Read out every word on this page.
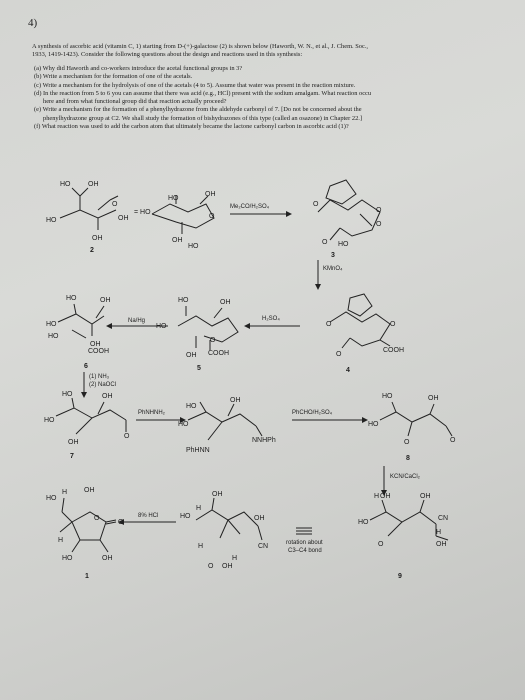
4)
A synthesis of ascorbic acid (vitamin C, 1) starting from D-(+)-galactose (2) is shown below (Haworth, W. N., et al., J. Chem. Soc.,
1933, 1419-1423). Consider the following questions about the design and reactions used in this synthesis:
(a) Why did Haworth and co-workers introduce the acetal functional groups in 3?
(b) Write a mechanism for the formation of one of the acetals.
(c) Write a mechanism for the hydrolysis of one of the acetals (4 to 5). Assume that water was present in the reaction mixture.
(d) In the reaction from 5 to 6 you can assume that there was acid (e.g., HCl) present with the sodium amalgam. What reaction occu
here and from what functional group did that reaction actually proceed?
(e) Write a mechanism for the formation of a phenylhydrazone from the aldehyde carbonyl of 7. [Do not be concerned about the
phenylhydrazone group at C2. We shall study the formation of bishydrazones of this type (called an osazone) in Chapter 22.]
(f) What reaction was used to add the carbon atom that ultimately became the lactone carbonyl carbon in ascorbic acid (1)?
HO	OH
O
HO	OH
OH
2
= HO
HO
OH
O
OH
HO
Me₂CO/H₂SO₄	O
O
O
O HO
3
KMnO₄
O	O
O
COOH
4
H₂SO₄
HO	OH
O
OH COOH
5
Na/Hg
HO
HO	OH
HO
HO
OH
COOH
6
(1) NH₃
(2) NaOCl
HO	OH
HO
O
OH
7
PhNHNH₂
HO
OH
HO
NNHPh
PhHNN
PhCHO/H₂SO₄
HO	OH
HO
O
O
8
KCN/CaCl₂
H OH	OH
HO
CN
H
OH
O
9
rotation about
C3–C4 bond
OH
HO
H
OH
CN
H
H
OH
O
8% HCl
HO
H OH
O
O
H
HO	OH
1
